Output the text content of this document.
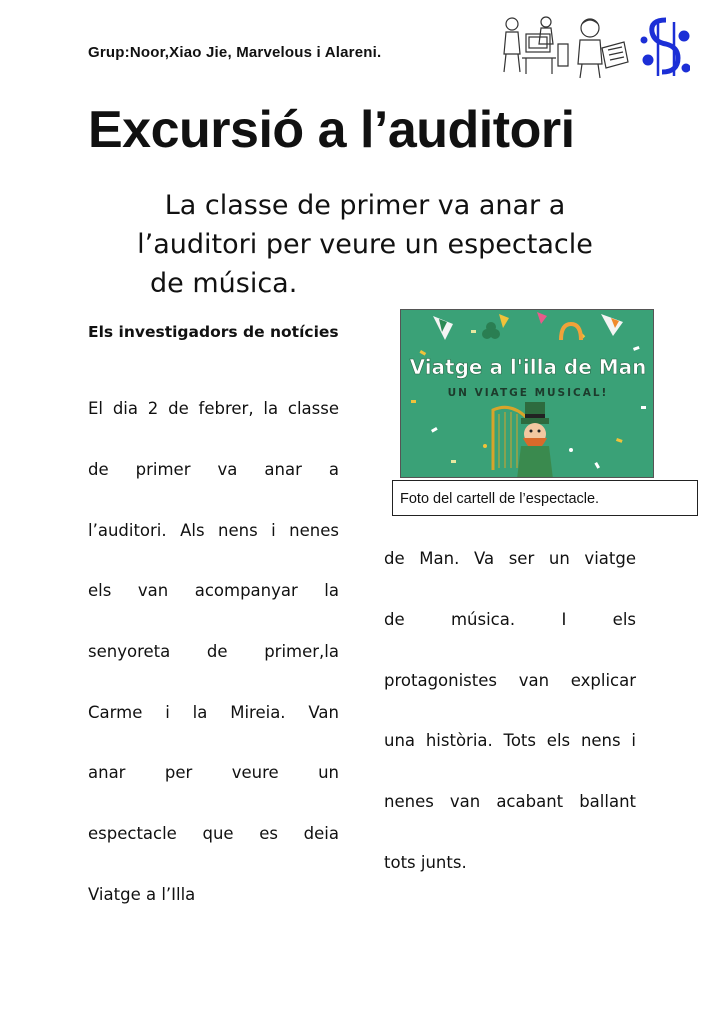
Grup:Noor,Xiao Jie, Marvelous i Alareni.
Excursió a l’auditori
La classe de primer va anar a
l’auditori per veure un espectacle
de música.
Els investigadors de notícies
El dia 2 de febrer, la classe
de primer va anar a
l’auditori. Als nens i nenes
els van acompanyar la
senyoreta de primer,la
Carme i la Mireia. Van
anar per veure un
espectacle que es deia
Viatge a l’Illa
Viatge a l'illa de Man
UN VIATGE MUSICAL!
Foto del cartell de l’espectacle.
de Man. Va ser un viatge
de música. I els
protagonistes van explicar
una història. Tots els nens i
nenes van acabant ballant
tots junts.
